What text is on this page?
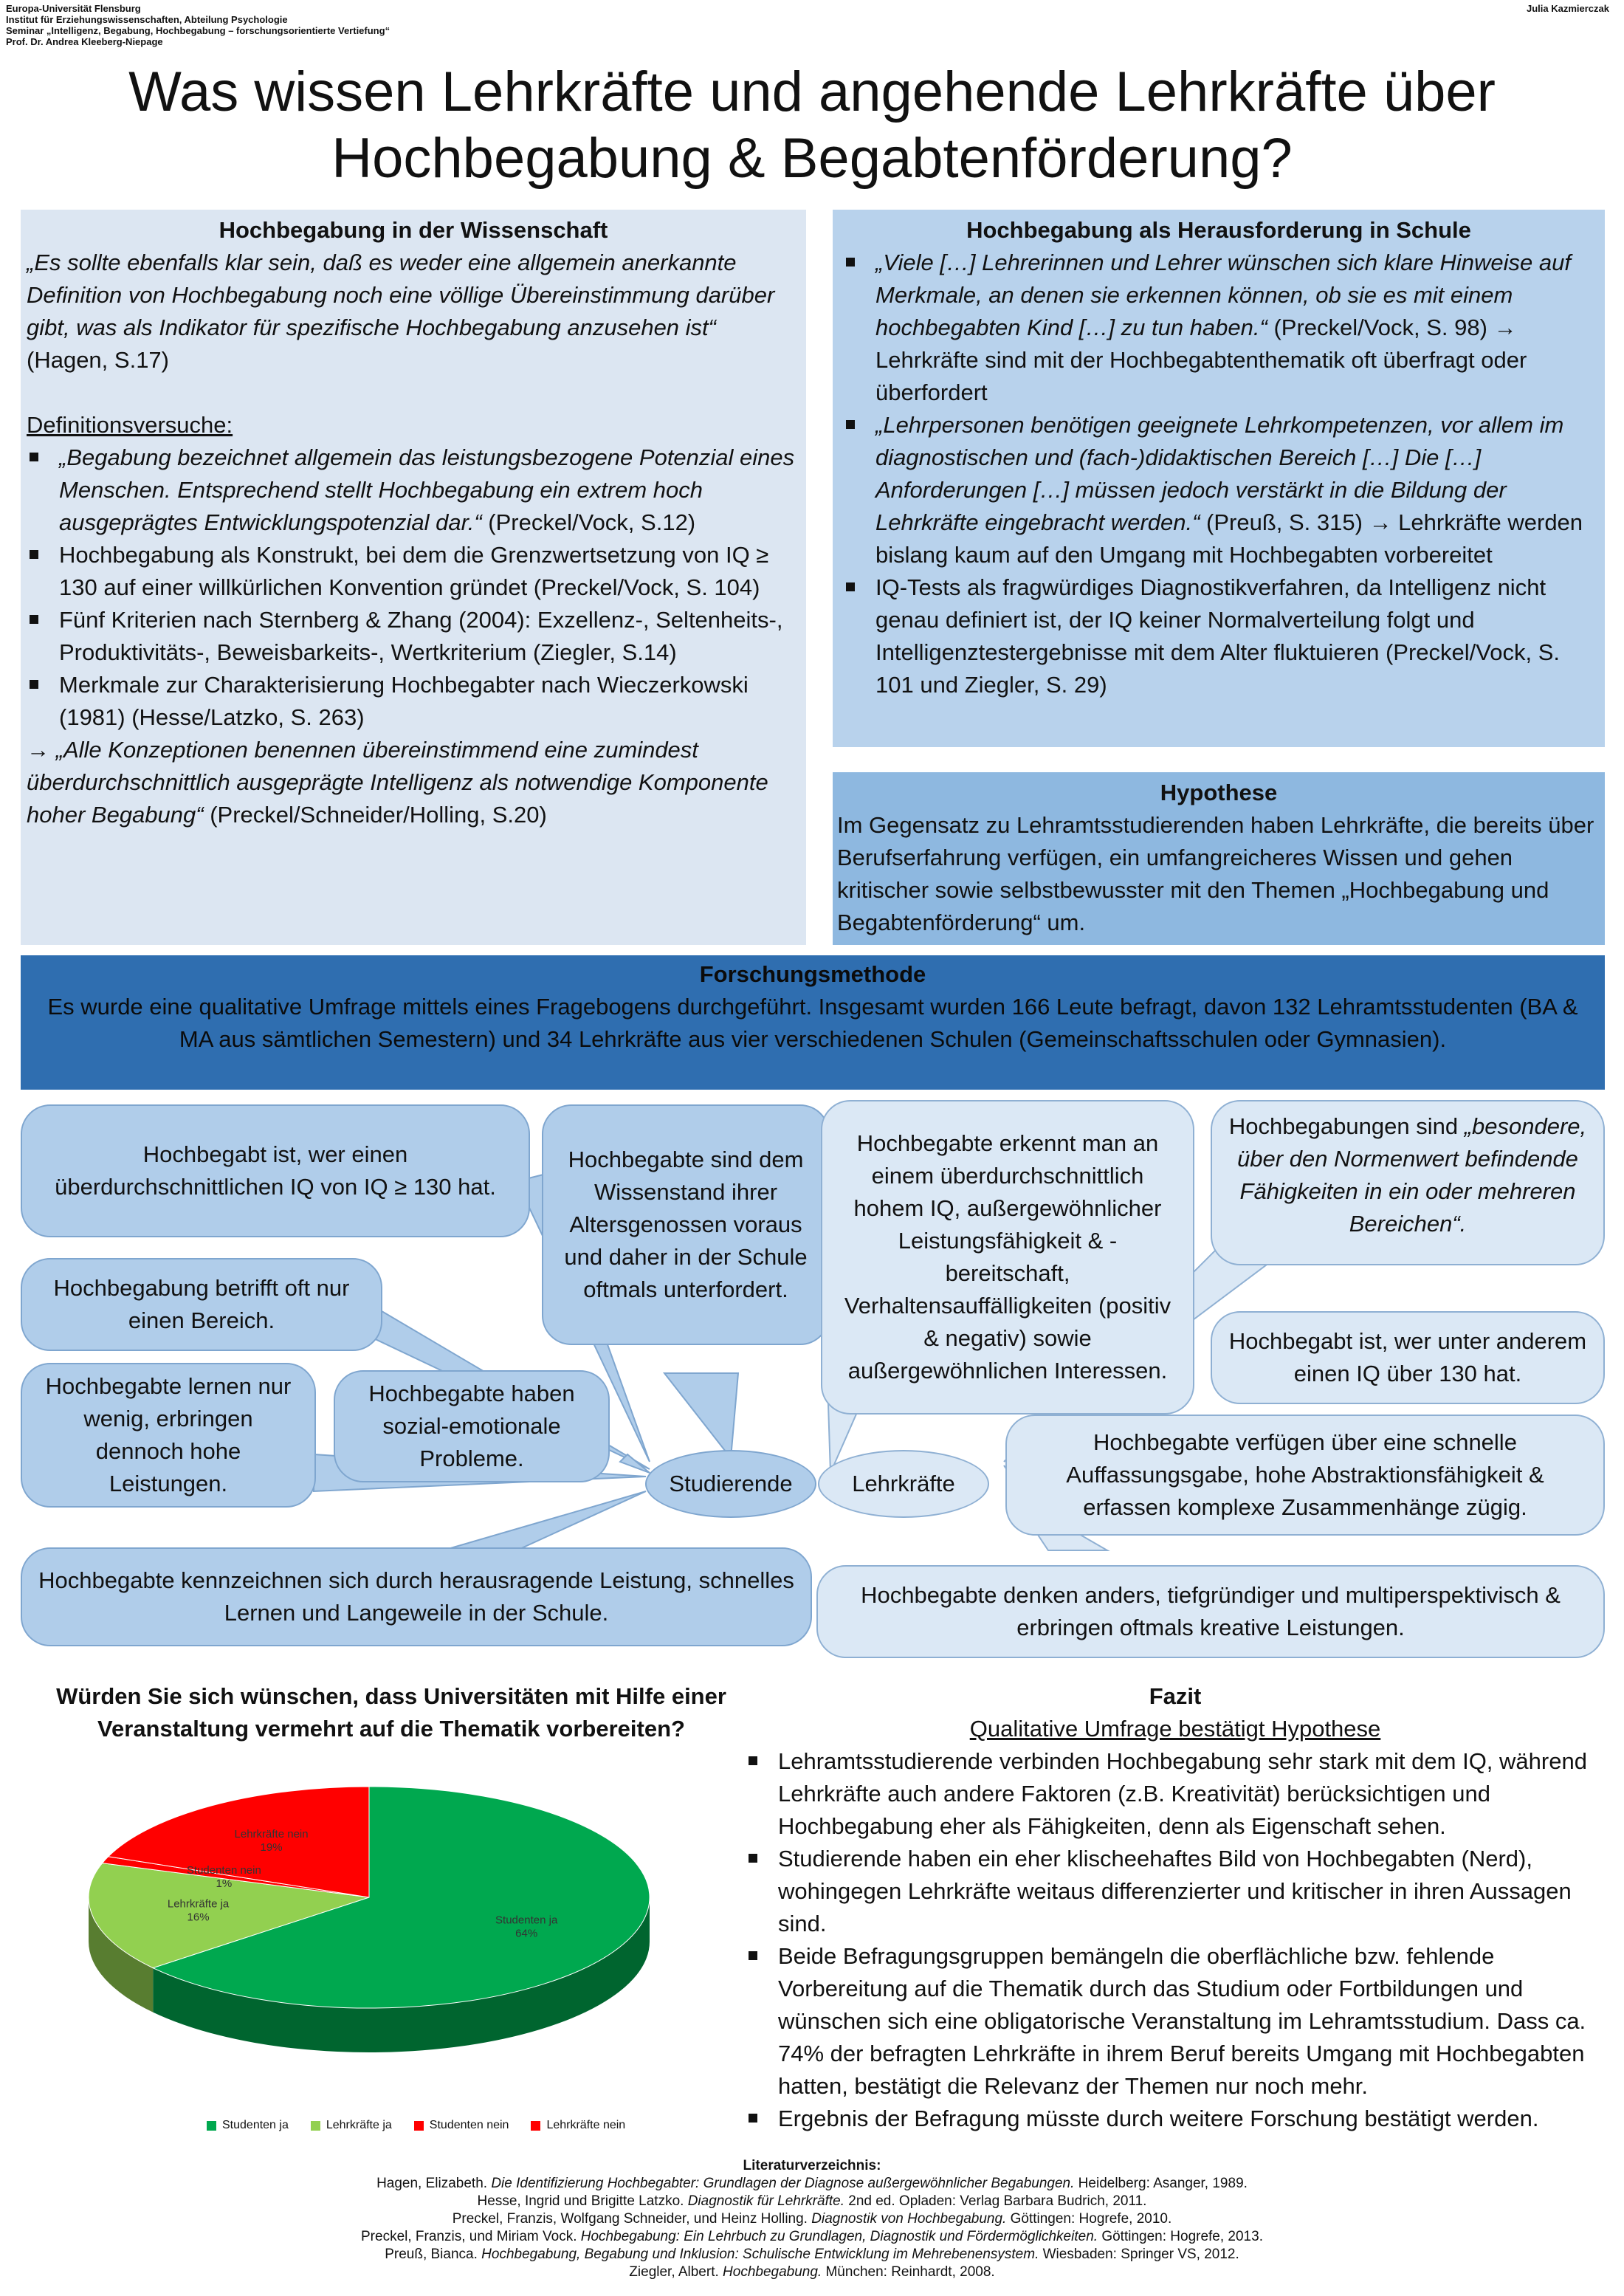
Europa-Universität Flensburg
Institut für Erziehungswissenschaften, Abteilung Psychologie
Seminar „Intelligenz, Begabung, Hochbegabung – forschungsorientierte Vertiefung“
Prof. Dr. Andrea Kleeberg-Niepage
Julia Kazmierczak
Was wissen Lehrkräfte und angehende Lehrkräfte über
Hochbegabung & Begabtenförderung?
Hochbegabung in der Wissenschaft
„Es sollte ebenfalls klar sein, daß es weder eine allgemein anerkannte Definition von Hochbegabung noch eine völlige Übereinstimmung darüber gibt, was als Indikator für spezifische Hochbegabung anzusehen ist“ (Hagen, S.17)
Definitionsversuche:
„Begabung bezeichnet allgemein das leistungsbezogene Potenzial eines Menschen. Entsprechend stellt Hochbegabung ein extrem hoch ausgeprägtes Entwicklungspotenzial dar.“ (Preckel/Vock, S.12)
Hochbegabung als Konstrukt, bei dem die Grenzwertsetzung von IQ ≥ 130 auf einer willkürlichen Konvention gründet (Preckel/Vock, S. 104)
Fünf Kriterien nach Sternberg & Zhang (2004): Exzellenz-, Seltenheits-, Produktivitäts-, Beweisbarkeits-, Wertkriterium (Ziegler, S.14)
Merkmale zur Charakterisierung Hochbegabter nach Wieczerkowski (1981) (Hesse/Latzko, S. 263)
→ „Alle Konzeptionen benennen übereinstimmend eine zumindest überdurchschnittlich ausgeprägte Intelligenz als notwendige Komponente hoher Begabung“ (Preckel/Schneider/Holling, S.20)
Hochbegabung als Herausforderung in Schule
„Viele […] Lehrerinnen und Lehrer wünschen sich klare Hinweise auf Merkmale, an denen sie erkennen können, ob sie es mit einem hochbegabten Kind […] zu tun haben.“ (Preckel/Vock, S. 98) → Lehrkräfte sind mit der Hochbegabtenthematik oft überfragt oder überfordert
„Lehrpersonen benötigen geeignete Lehrkompetenzen, vor allem im diagnostischen und (fach-)didaktischen Bereich […] Die […] Anforderungen […] müssen jedoch verstärkt in die Bildung der Lehrkräfte eingebracht werden.“ (Preuß, S. 315) → Lehrkräfte werden bislang kaum auf den Umgang mit Hochbegabten vorbereitet
IQ-Tests als fragwürdiges Diagnostikverfahren, da Intelligenz nicht genau definiert ist, der IQ keiner Normalverteilung folgt und Intelligenztestergebnisse mit dem Alter fluktuieren (Preckel/Vock, S. 101 und Ziegler, S. 29)
Hypothese
Im Gegensatz zu Lehramtsstudierenden haben Lehrkräfte, die bereits über Berufserfahrung verfügen, ein umfangreicheres Wissen und gehen kritischer sowie selbstbewusster mit den Themen „Hochbegabung und Begabtenförderung“ um.
Forschungsmethode
Es wurde eine qualitative Umfrage mittels eines Fragebogens durchgeführt. Insgesamt wurden 166 Leute befragt, davon 132 Lehramtsstudenten (BA & MA aus sämtlichen Semestern) und 34 Lehrkräfte aus vier verschiedenen Schulen (Gemeinschaftsschulen oder Gymnasien).
Hochbegabt ist, wer einen überdurchschnittlichen IQ von IQ ≥ 130 hat.
Hochbegabte sind dem Wissenstand ihrer Altersgenossen voraus und daher in der Schule oftmals unterfordert.
Hochbegabung betrifft oft nur einen Bereich.
Hochbegabte lernen nur wenig, erbringen dennoch hohe Leistungen.
Hochbegabte haben sozial-emotionale Probleme.
Hochbegabte kennzeichnen sich durch herausragende Leistung, schnelles Lernen und Langeweile in der Schule.
Hochbegabte erkennt man an einem überdurchschnittlich hohem IQ, außergewöhnlicher Leistungsfähigkeit & -bereitschaft, Verhaltensauffälligkeiten (positiv & negativ) sowie außergewöhnlichen Interessen.
Hochbegabungen sind „besondere, über den Normenwert befindende Fähigkeiten in ein oder mehreren Bereichen“.
Hochbegabt ist, wer unter anderem einen IQ über 130 hat.
Hochbegabte verfügen über eine schnelle Auffassungsgabe, hohe Abstraktionsfähigkeit & erfassen komplexe Zusammenhänge zügig.
Hochbegabte denken anders, tiefgründiger und multiperspektivisch & erbringen oftmals kreative Leistungen.
Studierende	Lehrkräfte
Würden Sie sich wünschen, dass Universitäten mit Hilfe einer Veranstaltung vermehrt auf die Thematik vorbereiten?
Studenten ja
64%
Lehrkräfte ja
16%
Studenten nein
1%
Lehrkräfte nein
19%
Studenten ja	Lehrkräfte ja	Studenten nein	Lehrkräfte nein
Fazit
Qualitative Umfrage bestätigt Hypothese
Lehramtsstudierende verbinden Hochbegabung sehr stark mit dem IQ, während Lehrkräfte auch andere Faktoren (z.B. Kreativität) berücksichtigen und Hochbegabung eher als Fähigkeiten, denn als Eigenschaft sehen.
Studierende haben ein eher klischeehaftes Bild von Hochbegabten (Nerd), wohingegen Lehrkräfte weitaus differenzierter und kritischer in ihren Aussagen sind.
Beide Befragungsgruppen bemängeln die oberflächliche bzw. fehlende Vorbereitung auf die Thematik durch das Studium oder Fortbildungen und wünschen sich eine obligatorische Veranstaltung im Lehramtsstudium. Dass ca. 74% der befragten Lehrkräfte in ihrem Beruf bereits Umgang mit Hochbegabten hatten, bestätigt die Relevanz der Themen nur noch mehr.
Ergebnis der Befragung müsste durch weitere Forschung bestätigt werden.
Literaturverzeichnis:
Hagen, Elizabeth. Die Identifizierung Hochbegabter: Grundlagen der Diagnose außergewöhnlicher Begabungen. Heidelberg: Asanger, 1989.
Hesse, Ingrid und Brigitte Latzko. Diagnostik für Lehrkräfte. 2nd ed. Opladen: Verlag Barbara Budrich, 2011.
Preckel, Franzis, Wolfgang Schneider, und Heinz Holling. Diagnostik von Hochbegabung. Göttingen: Hogrefe, 2010.
Preckel, Franzis, und Miriam Vock. Hochbegabung: Ein Lehrbuch zu Grundlagen, Diagnostik und Fördermöglichkeiten. Göttingen: Hogrefe, 2013.
Preuß, Bianca. Hochbegabung, Begabung und Inklusion: Schulische Entwicklung im Mehrebenensystem. Wiesbaden: Springer VS, 2012.
Ziegler, Albert. Hochbegabung. München: Reinhardt, 2008.
